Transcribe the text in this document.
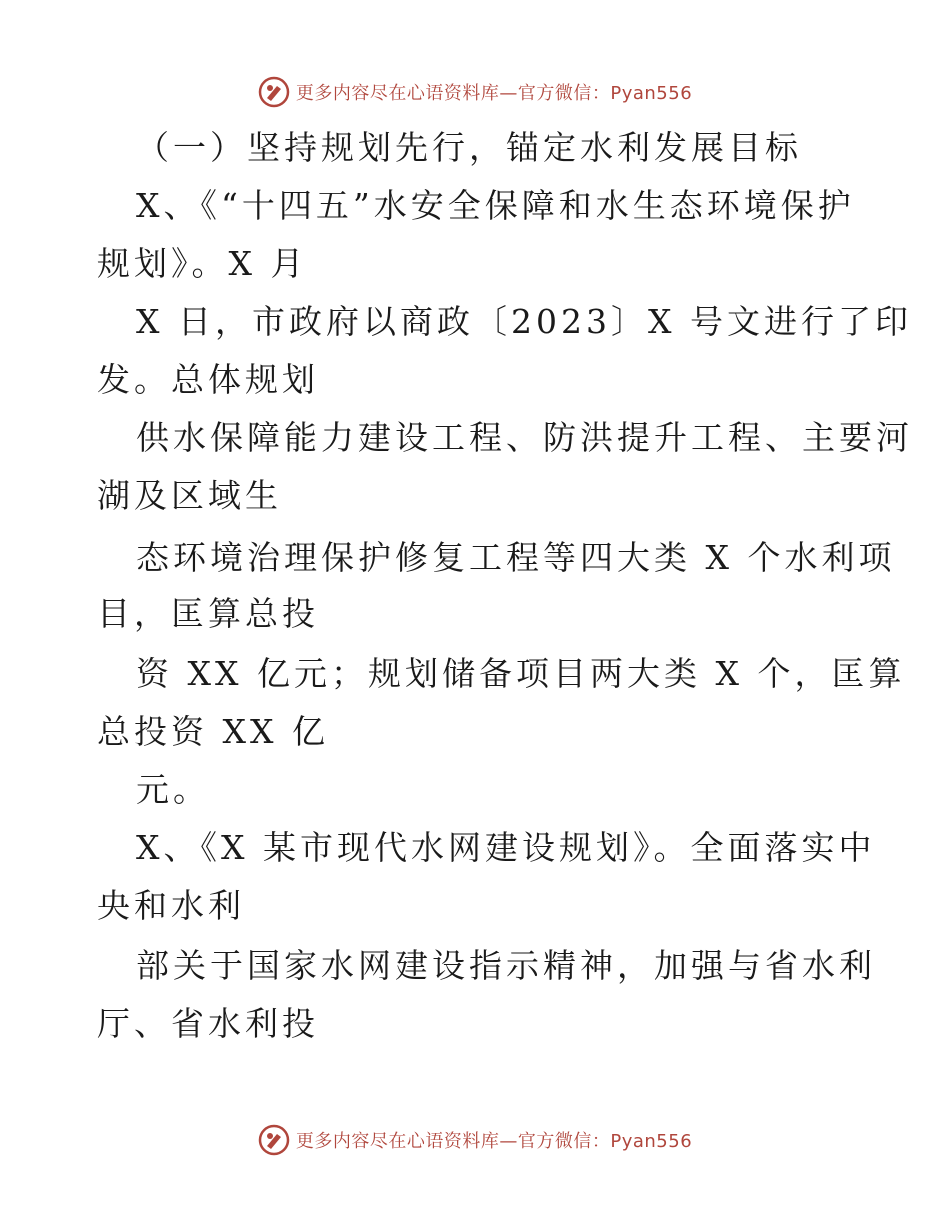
更多内容尽在心语资料库—官方微信：Pyan556
（一）坚持规划先行，锚定水利发展目标
X、《“十四五”水安全保障和水生态环境保护
规划》。X 月
X 日，市政府以商政〔2023〕X 号文进行了印
发。总体规划
供水保障能力建设工程、防洪提升工程、主要河
湖及区域生
态环境治理保护修复工程等四大类 X 个水利项
目，匡算总投
资 XX 亿元；规划储备项目两大类 X 个，匡算
总投资 XX 亿
元。
X、《X 某市现代水网建设规划》。全面落实中
央和水利
部关于国家水网建设指示精神，加强与省水利
厅、省水利投
更多内容尽在心语资料库—官方微信：Pyan556
